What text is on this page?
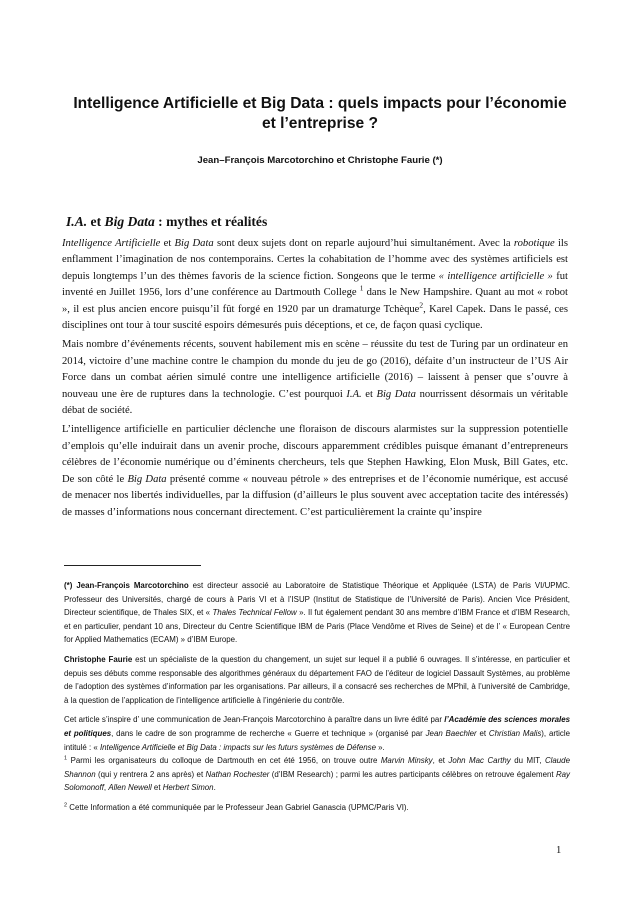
Intelligence Artificielle et Big Data : quels impacts pour l’économie et l’entreprise ?
Jean–François Marcotorchino et Christophe Faurie (*)
I.A. et Big Data : mythes et réalités

Intelligence Artificielle et Big Data sont deux sujets dont on reparle aujourd’hui simultanément. Avec la robotique ils enflamment l’imagination de nos contemporains. Certes la cohabitation de l’homme avec des systèmes artificiels est depuis longtemps l’un des thèmes favoris de la science fiction. Songeons que le terme « intelligence artificielle » fut inventé en Juillet 1956, lors d’une conférence au Dartmouth College $^1$ dans le New Hampshire. Quant au mot « robot », il est plus ancien encore puisqu’il fût forgé en 1920 par un dramaturge Tchèque$^2$, Karel Capek. Dans le passé, ces disciplines ont tour à tour suscité espoirs démesurés puis déceptions, et ce, de façon quasi cyclique.

Mais nombre d’événements récents, souvent habilement mis en scène – réussite du test de Turing par un ordinateur en 2014, victoire d’une machine contre le champion du monde du jeu de go (2016), défaite d’un instructeur de l’US Air Force dans un combat aérien simulé contre une intelligence artificielle (2016) – laissent à penser que s’ouvre à nouveau une ère de ruptures dans la technologie. C’est pourquoi I.A. et Big Data nourrissent désormais un véritable débat de société.

L’intelligence artificielle en particulier déclenche une floraison de discours alarmistes sur la suppression potentielle d’emplois qu’elle induirait dans un avenir proche, discours apparemment crédibles puisque émanant d’entrepreneurs célèbres de l’économie numérique ou d’éminents chercheurs, tels que Stephen Hawking, Elon Musk, Bill Gates, etc. De son côté le Big Data présenté comme « nouveau pétrole » des entreprises et de l’économie numérique, est accusé de menacer nos libertés individuelles, par la diffusion (d’ailleurs le plus souvent avec acceptation tacite des intéressés) de masses d’informations nous concernant directement. C’est particulièrement la crainte qu’inspire

(*) Jean-François Marcotorchino est directeur associé au Laboratoire de Statistique Théorique et Appliquée (LSTA) de Paris VI/UPMC. Professeur des Universités, chargé de cours à Paris VI et à l’ISUP (Institut de Statistique de l’Université de Paris). Ancien Vice Président, Directeur scientifique, de Thales SIX, et « Thales Technical Fellow ». Il fut également pendant 30 ans membre d’IBM France et d’IBM Research, et en particulier, pendant 10 ans, Directeur du Centre Scientifique IBM de Paris (Place Vendôme et Rives de Seine) et de l’ « European Centre for Applied Mathematics (ECAM) » d’IBM Europe.

Christophe Faurie est un spécialiste de la question du changement, un sujet sur lequel il a publié 6 ouvrages. Il s’intéresse, en particulier et depuis ses débuts comme responsable des algorithmes généraux du département FAO de l’éditeur de logiciel Dassault Systèmes, au problème de l’adoption des systèmes d’information par les organisations. Par ailleurs, il a consacré ses recherches de MPhil, à l’université de Cambridge, à la question de l’application de l’intelligence artificielle à l’ingénierie du contrôle.

Cet article s’inspire d’ une communication de Jean-François Marcotorchino à paraître dans un livre édité par l’Académie des sciences morales et politiques, dans le cadre de son programme de recherche « Guerre et technique » (organisé par Jean Baechler et Christian Malis), article intitulé : « Intelligence Artificielle et Big Data : impacts sur les futurs systèmes de Défense ».

$^1$ Parmi les organisateurs du colloque de Dartmouth en cet été 1956, on trouve outre Marvin Minsky, et John Mac Carthy du MIT, Claude Shannon (qui y rentrera 2 ans après) et Nathan Rochester (d’IBM Research) ; parmi les autres participants célèbres on retrouve également Ray Solomonoff, Allen Newell et Herbert Simon.

$^2$ Cette Information a été communiquée par le Professeur Jean Gabriel Ganascia (UPMC/Paris VI).

1
